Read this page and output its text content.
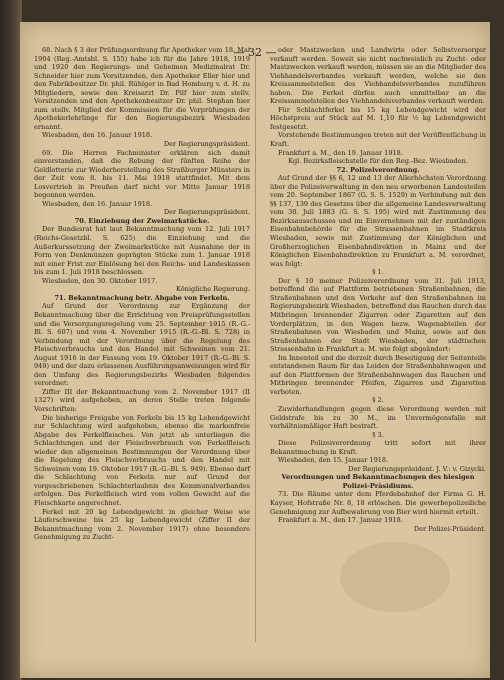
— 32 —

68. Nach § 3 der Prüfungsordnung für Apotheker vom 18. Mai 1904 (Reg.-Amtsbl. S. 155) habe ich für die Jahre 1918, 1919 und 1920 den Regierungs- und Geheimen Medizinalrat Dr. Schneider hier zum Vorsitzenden, den Apotheker Eller hier und den Fabrikbesitzer Dr. phil. Rühlger in Bad Homburg v. d. H. zu Mitgliedern, sowie den Kreisarzt Dr. Pilf hier zum stellv. Vorsitzenden und den Apothekenbesitzer Dr. phil. Stephan hier zum stellv. Mitglied der Kommission für die Vorprüfungen der Apothekerlehrlinge für den Regierungsbezirk Wiesbaden ernannt.

Wiesbaden, den 16. Januar 1918.

Der Regierungspräsident.

69. Die Herren Fachminister erklären sich damit einverstanden, daß die Rebung der fünften Reihe der Geldlotterie zur Wiederherstellung des Straßburger Münsters in der Zeit vom 8. bis 11. Mai 1918 stattfindet. Mit dem Losvertrieb in Preußen darf nicht vor Mitte Januar 1918 begonnen werden.

Wiesbaden, den 16. Januar 1918.

Der Regierungspräsident.

70. Einziehung der Zweimarkstücke.

Der Bundesrat hat laut Bekanntmachung vom 12. Juli 1917 (Reichs-Gesetzbl. S. 625) die Einziehung und die Außerkurssetzung der Zweimarkstücke mit Ausnahme der in Form von Denkmünzen geprägten Stücke zum 1. Januar 1918 mit einer Frist zur Einlösung bei den Reichs- und Landeskassen bis zum 1. Juli 1918 beschlossen.

Wiesbaden, den 30. Oktober 1917.

Königliche Regierung.

71. Bekanntmachung betr. Abgabe von Ferkeln.

Auf Grund der Verordnung zur Ergänzung der Bekanntmachung über die Errichtung von Preisprüfungsstellen und die Versorgungsregelung vom 25. September 1915 (R.-G.-Bl. S. 607) und vom 4. November 1915 (R.-G.-Bl. S. 728) in Verbindung mit der Verordnung über die Regelung des Fleischverbrauchs und den Handel mit Schweinen vom 21. August 1916 in der Fassung vom 19. Oktober 1917 (R.-G.-Bl. S. 949) und der dazu erlassenen Ausführungsanweisungen wird für den Umfang des Regierungsbezirks Wiesbaden folgendes verordnet:

Ziffer III der Bekanntmachung vom 2. November 1917 (II 1327) wird aufgehoben, an deren Stelle treten folgende Vorschriften:

Die bisherige Freigabe von Ferkeln bis 15 kg Lebendgewicht zur Schlachtung wird aufgehoben, ebenso die markenfreie Abgabe des Ferkelfleisches. Von jetzt ab unterliegen die Schlachtungen und der Fleischverbrauch von Ferkelfleisch wieder den allgemeinen Bestimmungen der Verordnung über die Regelung des Fleischverbrauchs und den Handel mit Schweinen vom 19. Oktober 1917 (R.-G.-Bl. S. 949). Ebenso darf die Schlachtung von Ferkeln nur auf Grund der vorgeschriebenen Schlachterlaubnis des Kommunalverbandes erfolgen. Das Ferkelfleisch wird vom vollen Gewicht auf die Fleischkarte angerechnet.

Ferkel mit 20 kg Lebendgewicht in gleicher Weise wie Läuferschweine bis 25 kg Lebendgewicht (Ziffer II der Bekanntmachung vom 2. November 1917) ohne besondere Genehmigung zu Zucht-

oder Mastzwecken und Landwirte oder Selbstversorger verkauft werden. Soweit sie nicht nachweislich zu Zucht- oder Mastzwecken verkauft werden, müssen sie an die Mitglieder des Viehhandelsverbandes verkauft werden, welche sie den Kreissammelstellen des Viehhandelsverbandes zuzuführen haben. Die Ferkel dürfen auch unmittelbar an die Kreissammelstellen des Viehhandelsverbandes verkauft werden.

Für Schlachtferkel bis 15 kg Lebendgewicht wird der Höchstpreis auf Stück auf M. 1,10 für ½ kg Lebendgewicht festgesetzt.

Vorstehende Bestimmungen treten mit der Veröffentlichung in Kraft.

Frankfurt a. M., den 19. Januar 1918.

Kgl. Bezirksfleischstelle für den Reg.-Bez. Wiesbaden.

72. Polizeiverordnung.

Auf Grund der §§ 6, 12 und 13 der Allerhöchsten Verordnung über die Polizeiverwaltung in den neu erworbenen Landesteilen vom 20. September 1867 (G. S. S. 1529) in Verbindung mit den §§ 137, 139 des Gesetzes über die allgemeine Landesverwaltung vom 30. Juli 1883 (G. S. S. 195) wird mit Zustimmung des Bezirksausschusses und im Einvernehmen mit der zuständigen Eisenbahnbehörde für die Strassenbahnen im Stadtkreis Wiesbaden, sowie mit Zustimmung der Königlichen und Großherzoglichen Eisenbahndirektion in Mainz und der Königlichen Eisenbahndirektion zu Frankfurt a. M. verordnet, was folgt:

§ 1.

Der § 10 meiner Polizeiverordnung vom 31. Juli 1913, betreffend die auf Plattform betriebenen Straßenbahnen, die Straßenbahnen und den Verkehr auf den Straßenbahnen im Regierungsbezirk Wiesbaden, betreffend das Rauchen durch das Mitbringen brennender Zigarren oder Zigaretten auf den Vorderplätzen, in den Wagen bezw. Wagenabteilen der Straßenbahnen von Wiesbaden und Mainz, sowie auf den Straßenbahnen der Stadt Wiesbaden, der städtischen Strassenbahn in Frankfurt a. M. wie folgt abgeändert:

Im Innenteil und die derzeit durch Beseitigung der Seitenteile entstandenen Raum für das Leiden der Straßenbahnwagen und auf den Plattformen der Straßenbahnwagen das Rauchen und Mitbringen brennender Pfeifen, Zigarren und Zigaretten verboten.

§ 2.

Zuwiderhandlungen gegen diese Verordnung werden mit Geldstrafe bis zu 30 M., im Unvermögensfalle mit verhältnismäßiger Haft bestraft.

§ 3.

Diese Polizeiverordnung tritt sofort mit ihrer Bekanntmachung in Kraft.

Wiesbaden, den 15. Januar 1918.

Der Regierungspräsident. J. V.: v. Gizycki.

Verordnungen und Bekanntmachungen des hiesigen Polizei-Präsidiums.

73. Die Räume unter dem Pferdebahnhof der Firma G. H. Kayser, Hofstraße Nr. 8, 18 erlöschen. Die gewerbepolizeiliche Genehmigung zur Aufbewahrung von Bier wird hiermit erteilt.

Frankfurt a. M., den 17. Januar 1918.

Der Polizei-Präsident.
